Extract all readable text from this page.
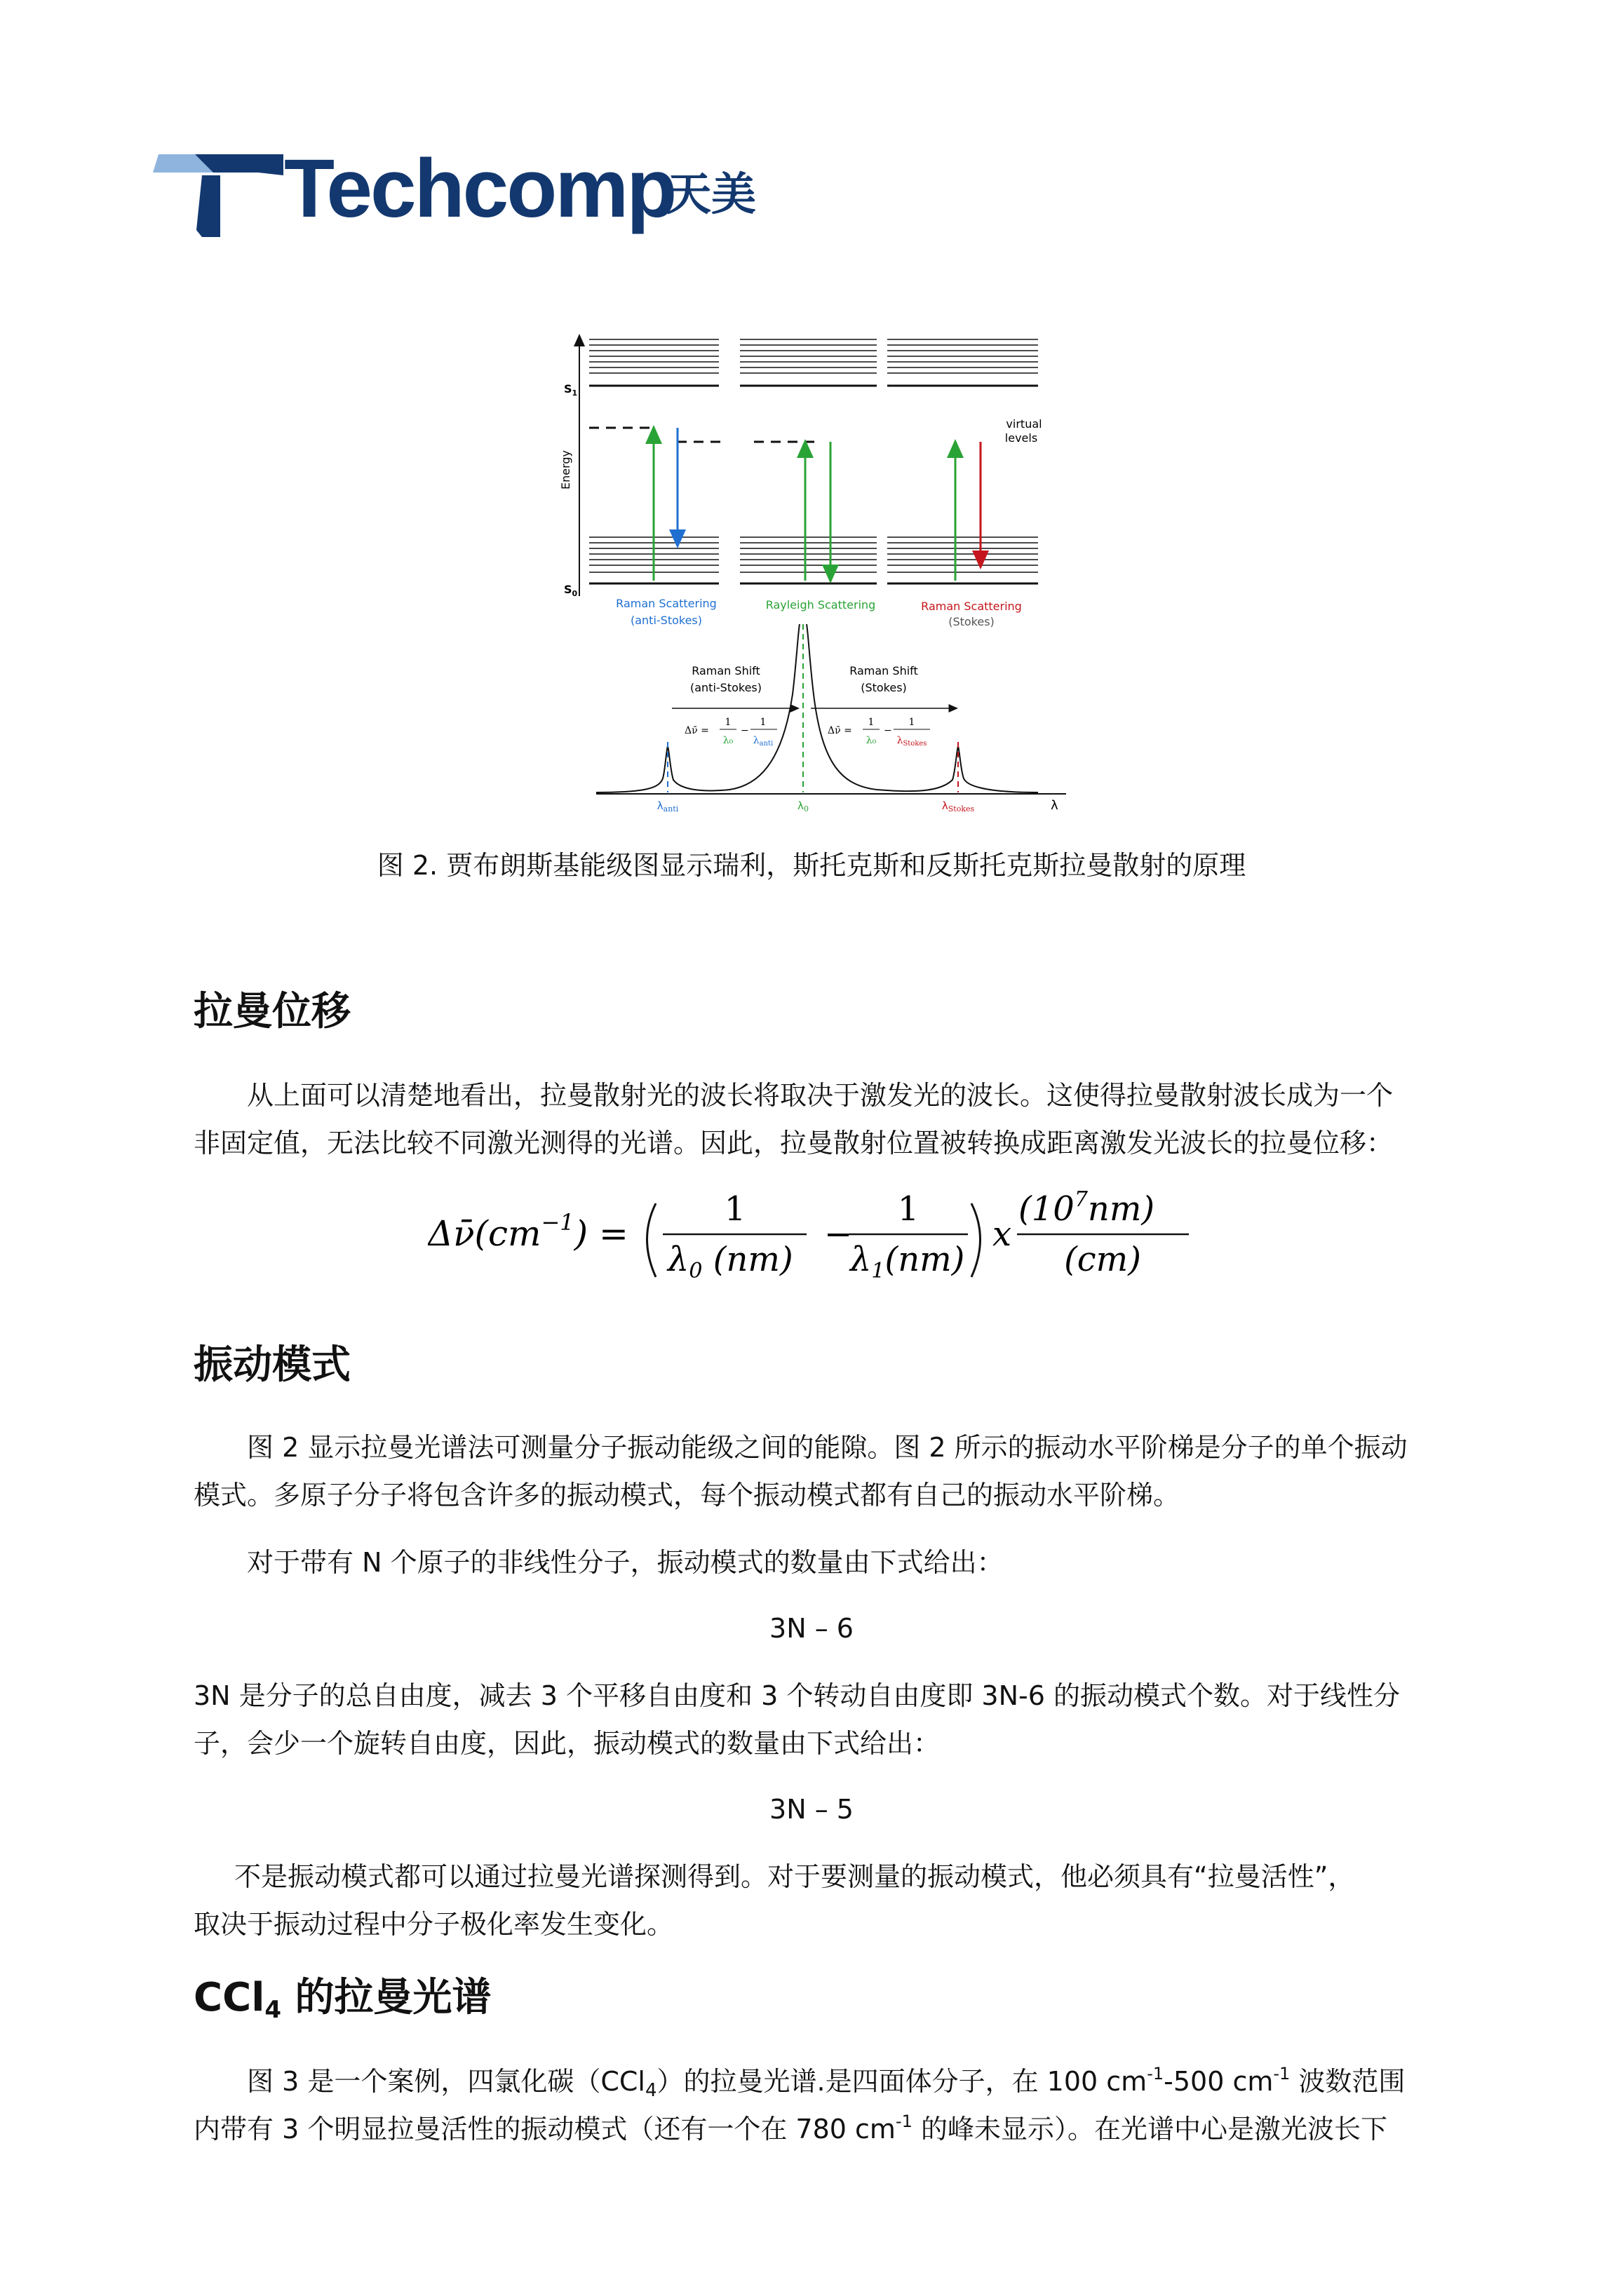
Techcomp
天美
Energy
$S_1$
$S_0$
virtual
levels
Raman Scattering
(anti-Stokes)
Rayleigh Scattering	Raman Scattering
(Stokes)
Raman Shift
(anti-Stokes)
Raman Shift
(Stokes)
Δν̄ =
1
λ₀
−
1
$\lambda_{anti}$
Δν̄ =
1
λ₀
−
1
$\lambda_{Stokes}$
$\lambda_{anti}$	$\lambda_0$	$\lambda_{Stokes}$	λ
图 2. 贾布朗斯基能级图显示瑞利，斯托克斯和反斯托克斯拉曼散射的原理
拉曼位移

从上面可以清楚地看出，拉曼散射光的波长将取决于激发光的波长。这使得拉曼散射波长成为一个

非固定值，无法比较不同激光测得的光谱。因此，拉曼散射位置被转换成距离激发光波长的拉曼位移：

$\Delta\nū(cm^{-1})$ =
1
$\lambda_0$ (nm)
−
1
$\lambda_1(nm)$
x
$(10^7nm)$
(cm)
振动模式

图 2 显示拉曼光谱法可测量分子振动能级之间的能隙。图 2 所示的振动水平阶梯是分子的单个振动

模式。多原子分子将包含许多的振动模式，每个振动模式都有自己的振动水平阶梯。

对于带有 N 个原子的非线性分子，振动模式的数量由下式给出：

3N – 6

3N 是分子的总自由度，减去 3 个平移自由度和 3 个转动自由度即 3N-6 的振动模式个数。对于线性分

子，会少一个旋转自由度，因此，振动模式的数量由下式给出：

3N – 5

不是振动模式都可以通过拉曼光谱探测得到。对于要测量的振动模式，他必须具有“拉曼活性”，

取决于振动过程中分子极化率发生变化。

CCl$_4$ 的拉曼光谱

图 3 是一个案例，四氯化碳（CCl$_4$）的拉曼光谱.是四面体分子，在 100 $cm^{-1}-500$ $cm^{-1}$ 波数范围

内带有 3 个明显拉曼活性的振动模式（还有一个在 780 $cm^{-1}$ 的峰未显示）。在光谱中心是激光波长下
